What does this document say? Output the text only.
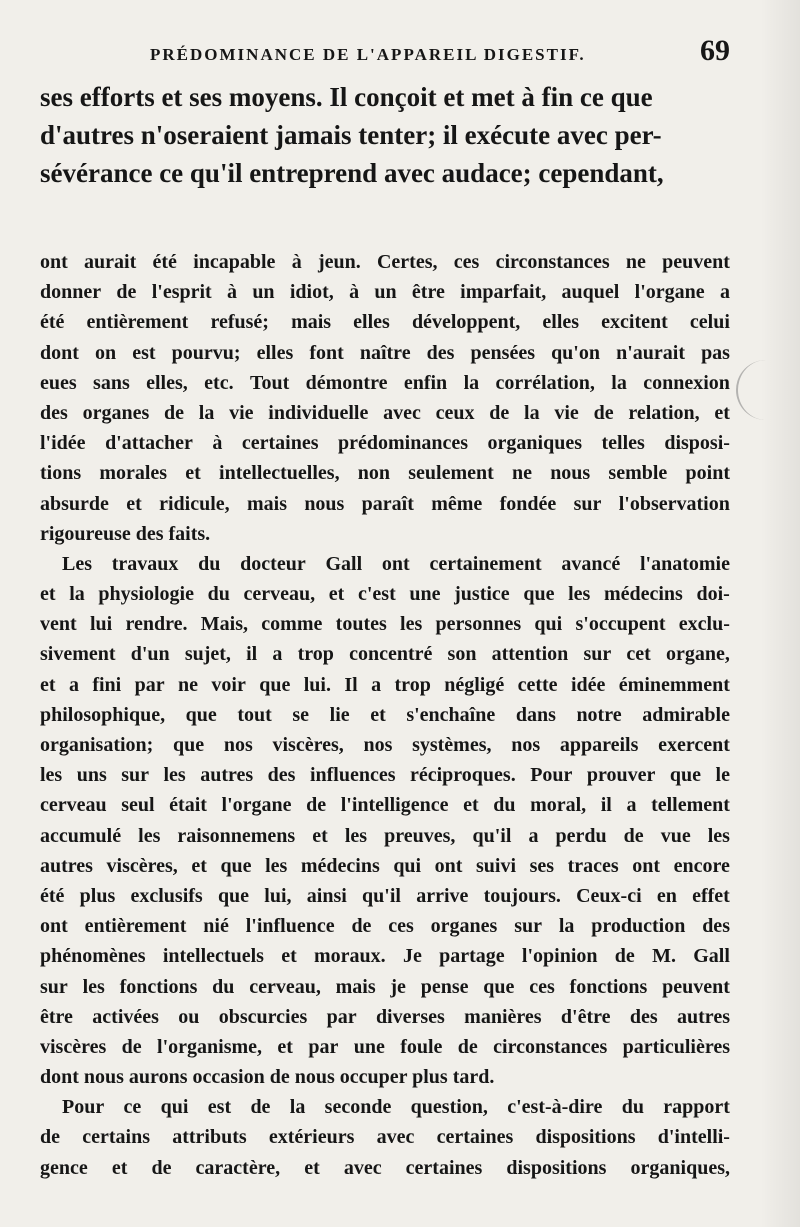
PRÉDOMINANCE DE L'APPAREIL DIGESTIF.	69
ses efforts et ses moyens. Il conçoit et met à fin ce que
d'autres n'oseraient jamais tenter; il exécute avec per-
sévérance ce qu'il entreprend avec audace; cependant,
ont aurait été incapable à jeun. Certes, ces circonstances ne peuvent
donner de l'esprit à un idiot, à un être imparfait, auquel l'organe a
été entièrement refusé; mais elles développent, elles excitent celui
dont on est pourvu; elles font naître des pensées qu'on n'aurait pas
eues sans elles, etc. Tout démontre enfin la corrélation, la connexion
des organes de la vie individuelle avec ceux de la vie de relation, et
l'idée d'attacher à certaines prédominances organiques telles disposi-
tions morales et intellectuelles, non seulement ne nous semble point
absurde et ridicule, mais nous paraît même fondée sur l'observation
rigoureuse des faits.
Les travaux du docteur Gall ont certainement avancé l'anatomie
et la physiologie du cerveau, et c'est une justice que les médecins doi-
vent lui rendre. Mais, comme toutes les personnes qui s'occupent exclu-
sivement d'un sujet, il a trop concentré son attention sur cet organe,
et a fini par ne voir que lui. Il a trop négligé cette idée éminemment
philosophique, que tout se lie et s'enchaîne dans notre admirable
organisation; que nos viscères, nos systèmes, nos appareils exercent
les uns sur les autres des influences réciproques. Pour prouver que le
cerveau seul était l'organe de l'intelligence et du moral, il a tellement
accumulé les raisonnemens et les preuves, qu'il a perdu de vue les
autres viscères, et que les médecins qui ont suivi ses traces ont encore
été plus exclusifs que lui, ainsi qu'il arrive toujours. Ceux-ci en effet
ont entièrement nié l'influence de ces organes sur la production des
phénomènes intellectuels et moraux. Je partage l'opinion de M. Gall
sur les fonctions du cerveau, mais je pense que ces fonctions peuvent
être activées ou obscurcies par diverses manières d'être des autres
viscères de l'organisme, et par une foule de circonstances particulières
dont nous aurons occasion de nous occuper plus tard.
Pour ce qui est de la seconde question, c'est-à-dire du rapport
de certains attributs extérieurs avec certaines dispositions d'intelli-
gence et de caractère, et avec certaines dispositions organiques,
